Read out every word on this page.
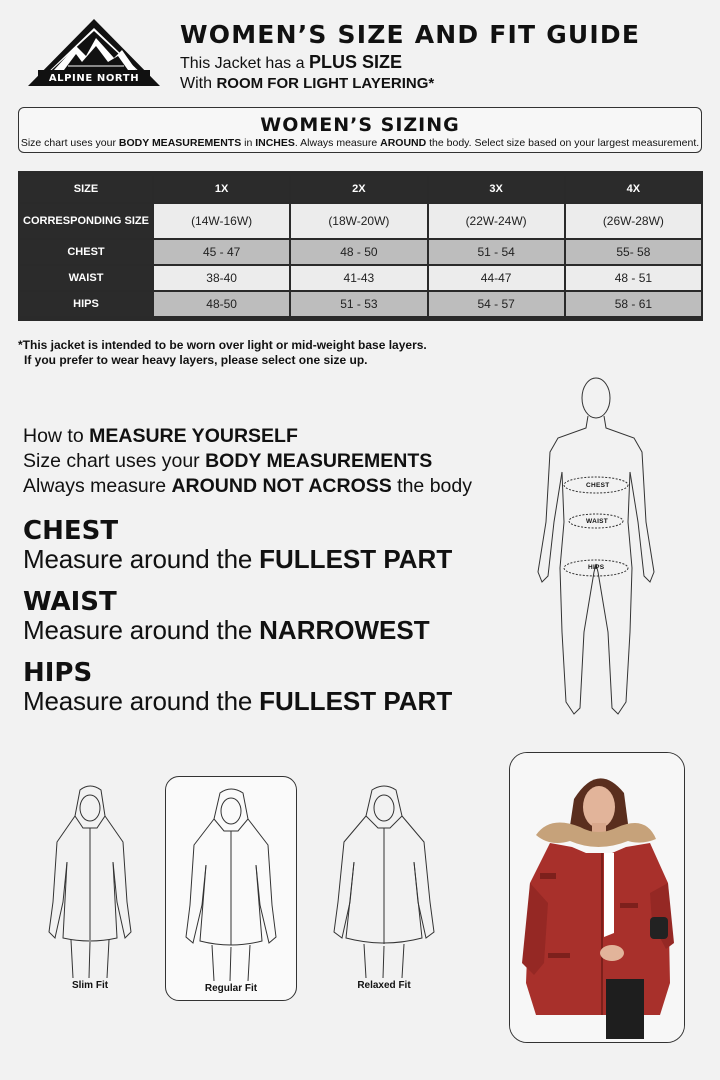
ALPINE NORTH
WOMEN’S SIZE AND FIT GUIDE
This Jacket has a PLUS SIZE
With ROOM FOR LIGHT LAYERING*
WOMEN’S SIZING
Size chart uses your BODY MEASUREMENTS in INCHES. Always measure AROUND the body. Select size based on your largest measurement.
SIZE	1X	2X	3X	4X
CORRESPONDING SIZE	(14W-16W)	(18W-20W)	(22W-24W)	(26W-28W)
CHEST	45 - 47	48 - 50	51 - 54	55- 58
WAIST	38-40	41-43	44-47	48 - 51
HIPS	48-50	51 - 53	54 - 57	58 - 61
*This jacket is intended to be worn over light or mid-weight base layers.
If you prefer to wear heavy layers, please select one size up.
How to MEASURE YOURSELF
Size chart uses your BODY MEASUREMENTS
Always measure AROUND NOT ACROSS the body
CHEST
Measure around the FULLEST PART
WAIST
Measure around the NARROWEST
HIPS
Measure around the FULLEST PART
CHEST
WAIST
HIPS
Slim Fit	Regular Fit	Relaxed Fit
